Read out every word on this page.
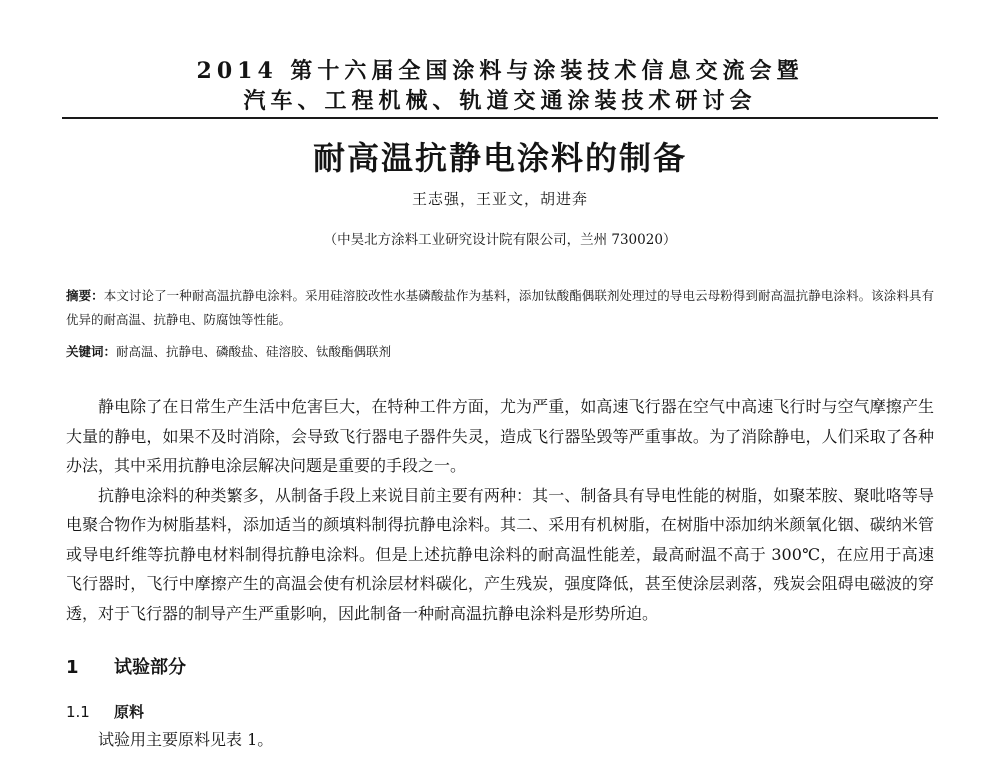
2014 第十六届全国涂料与涂装技术信息交流会暨
汽车、工程机械、轨道交通涂装技术研讨会
耐高温抗静电涂料的制备
王志强，王亚文，胡进奔
（中昊北方涂料工业研究设计院有限公司，兰州 730020）
摘要：本文讨论了一种耐高温抗静电涂料。采用硅溶胶改性水基磷酸盐作为基料，添加钛酸酯偶联剂处理过的导电云母粉得到耐高温抗静电涂料。该涂料具有优异的耐高温、抗静电、防腐蚀等性能。
关键词：耐高温、抗静电、磷酸盐、硅溶胶、钛酸酯偶联剂

静电除了在日常生产生活中危害巨大，在特种工件方面，尤为严重，如高速飞行器在空气中高速飞行时与空气摩擦产生大量的静电，如果不及时消除，会导致飞行器电子器件失灵，造成飞行器坠毁等严重事故。为了消除静电，人们采取了各种办法，其中采用抗静电涂层解决问题是重要的手段之一。

抗静电涂料的种类繁多，从制备手段上来说目前主要有两种：其一、制备具有导电性能的树脂，如聚苯胺、聚吡咯等导电聚合物作为树脂基料，添加适当的颜填料制得抗静电涂料。其二、采用有机树脂，在树脂中添加纳米颜氧化铟、碳纳米管或导电纤维等抗静电材料制得抗静电涂料。但是上述抗静电涂料的耐高温性能差，最高耐温不高于 300℃，在应用于高速飞行器时，飞行中摩擦产生的高温会使有机涂层材料碳化，产生残炭，强度降低，甚至使涂层剥落，残炭会阻碍电磁波的穿透，对于飞行器的制导产生严重影响，因此制备一种耐高温抗静电涂料是形势所迫。

1 试验部分
1.1 原料
试验用主要原料见表 1。
